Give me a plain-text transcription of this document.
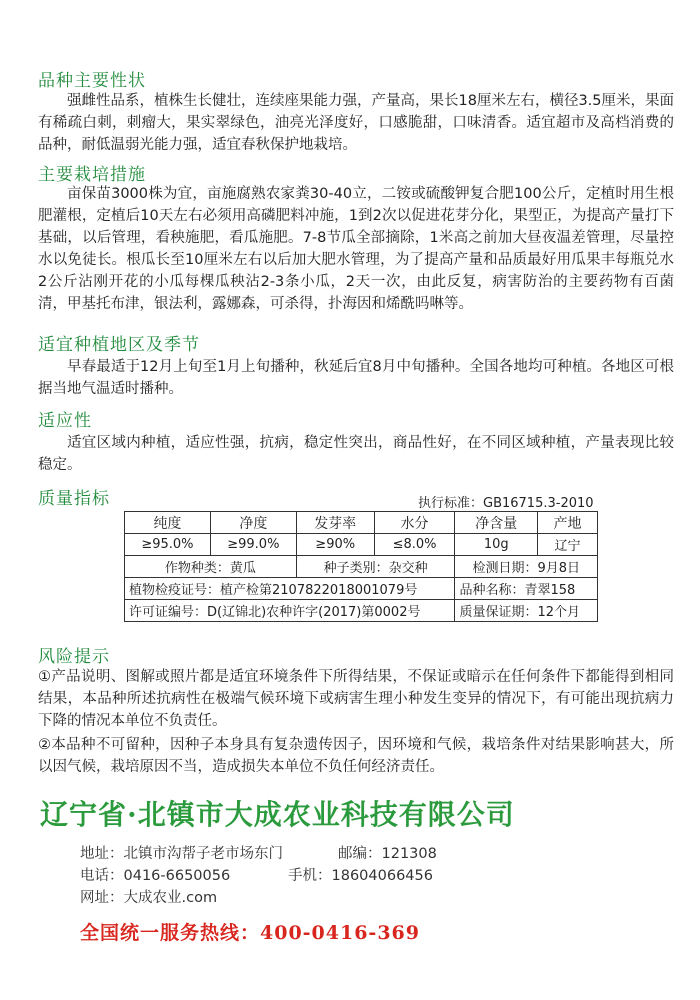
品种主要性状
强雌性品系，植株生长健壮，连续座果能力强，产量高，果长18厘米左右，横径3.5厘米，果面有稀疏白刺，刺瘤大，果实翠绿色，油亮光泽度好，口感脆甜，口味清香。适宜超市及高档消费的品种，耐低温弱光能力强，适宜春秋保护地栽培。
主要栽培措施
亩保苗3000株为宜，亩施腐熟农家粪30-40立，二铵或硫酸钾复合肥100公斤，定植时用生根肥灌根，定植后10天左右必须用高磷肥料冲施，1到2次以促进花芽分化，果型正，为提高产量打下基础，以后管理，看秧施肥，看瓜施肥。7-8节瓜全部摘除，1米高之前加大昼夜温差管理，尽量控水以免徒长。根瓜长至10厘米左右以后加大肥水管理，为了提高产量和品质最好用瓜果丰每瓶兑水2公斤沾刚开花的小瓜每棵瓜秧沾2-3条小瓜，2天一次，由此反复，病害防治的主要药物有百菌清，甲基托布津，银法利，露娜森，可杀得，扑海因和烯酰吗啉等。
适宜种植地区及季节
早春最适于12月上旬至1月上旬播种，秋延后宜8月中旬播种。全国各地均可种植。各地区可根据当地气温适时播种。
适应性
适宜区域内种植，适应性强，抗病，稳定性突出，商品性好，在不同区域种植，产量表现比较稳定。
质量指标	执行标准：GB16715.3-2010
纯度	净度	发芽率	水分	净含量	产地
≥95.0%	≥99.0%	≥90%	≤8.0%	10g	辽宁
作物种类：黄瓜		种子类别：杂交种		检测日期：9月8日	
植物检疫证号：植产检第2107822018001079号				品种名称：青翠158	
许可证编号：D(辽锦北)农种许字(2017)第0002号				质量保证期：12个月	
风险提示
①产品说明、图解或照片都是适宜环境条件下所得结果，不保证或暗示在任何条件下都能得到相同结果，本品种所述抗病性在极端气候环境下或病害生理小种发生变异的情况下，有可能出现抗病力下降的情况本单位不负责任。
②本品种不可留种，因种子本身具有复杂遗传因子，因环境和气候，栽培条件对结果影响甚大，所以因气候，栽培原因不当，造成损失本单位不负任何经济责任。
辽宁省·北镇市大成农业科技有限公司
地址：北镇市沟帮子老市场东门	邮编：121308
电话：0416-6650056	手机：18604066456
网址：大成农业.com
全国统一服务热线：400-0416-369
